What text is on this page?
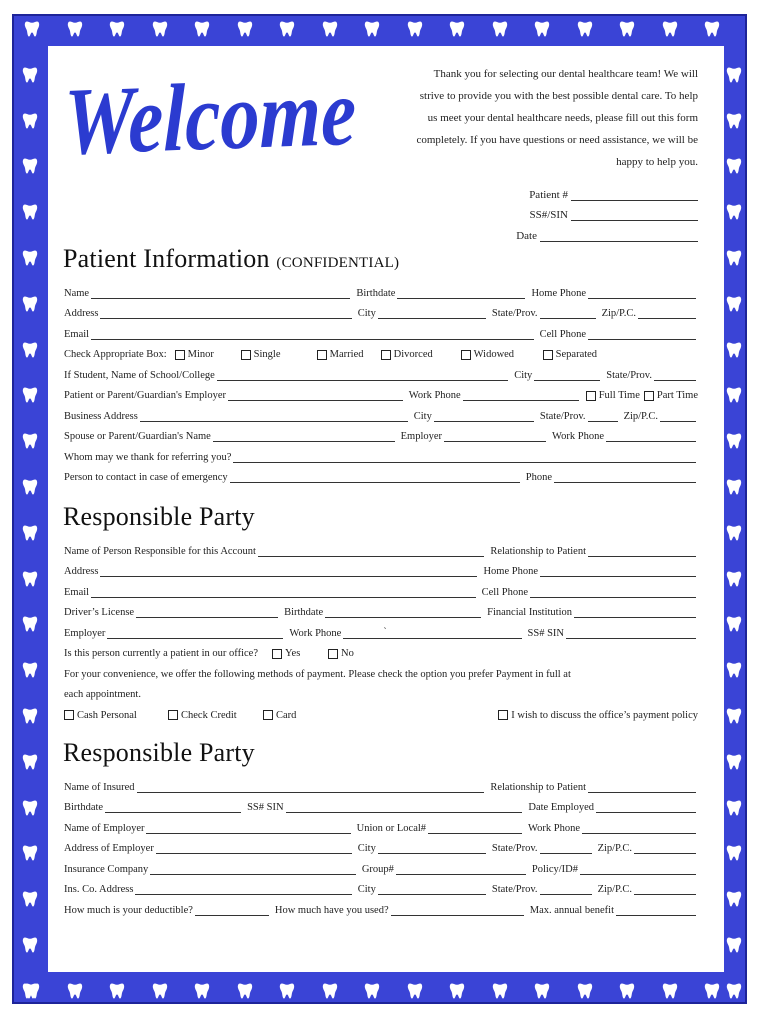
Welcome	Thank you for selecting our dental healthcare team! We will
strive to provide you with the best possible dental care. To help
us meet your dental healthcare needs, please fill out this form
completely. If you have questions or need assistance, we will be
happy to help you.
Patient #
SS#/SIN
Date
Patient Information (CONFIDENTIAL)
Name	Birthdate	Home Phone
Address	City	State/Prov.	Zip/P.C.
Email	Cell Phone
Check Appropriate Box: Minor	Single	Married	Divorced	Widowed	Separated
If Student, Name of School/College	City	State/Prov.
Patient or Parent/Guardian's Employer	Work Phone	Full Time Part Time
Business Address	City	State/Prov.	Zip/P.C.
Spouse or Parent/Guardian's Name	Employer	Work Phone
Whom may we thank for referring you?
Person to contact in case of emergency	Phone
Responsible Party
Name of Person Responsible for this Account	Relationship to Patient
Address	Home Phone
Email	Cell Phone
Driver’s License	Birthdate	Financial Institution
Employer	Work Phone	`	SS# SIN
Is this person currently a patient in our office?	Yes	No
For your convenience, we offer the following methods of payment. Please check the option you prefer Payment in full at
each appointment.
Cash Personal	Check Credit	Card	I wish to discuss the office’s payment policy
Responsible Party
Name of Insured	Relationship to Patient
Birthdate	SS# SIN	Date Employed
Name of Employer	Union or Local#	Work Phone
Address of Employer	City	State/Prov.	Zip/P.C.
Insurance Company	Group#	Policy/ID#
Ins. Co. Address	City	State/Prov.	Zip/P.C.
How much is your deductible?	How much have you used?	Max. annual benefit
